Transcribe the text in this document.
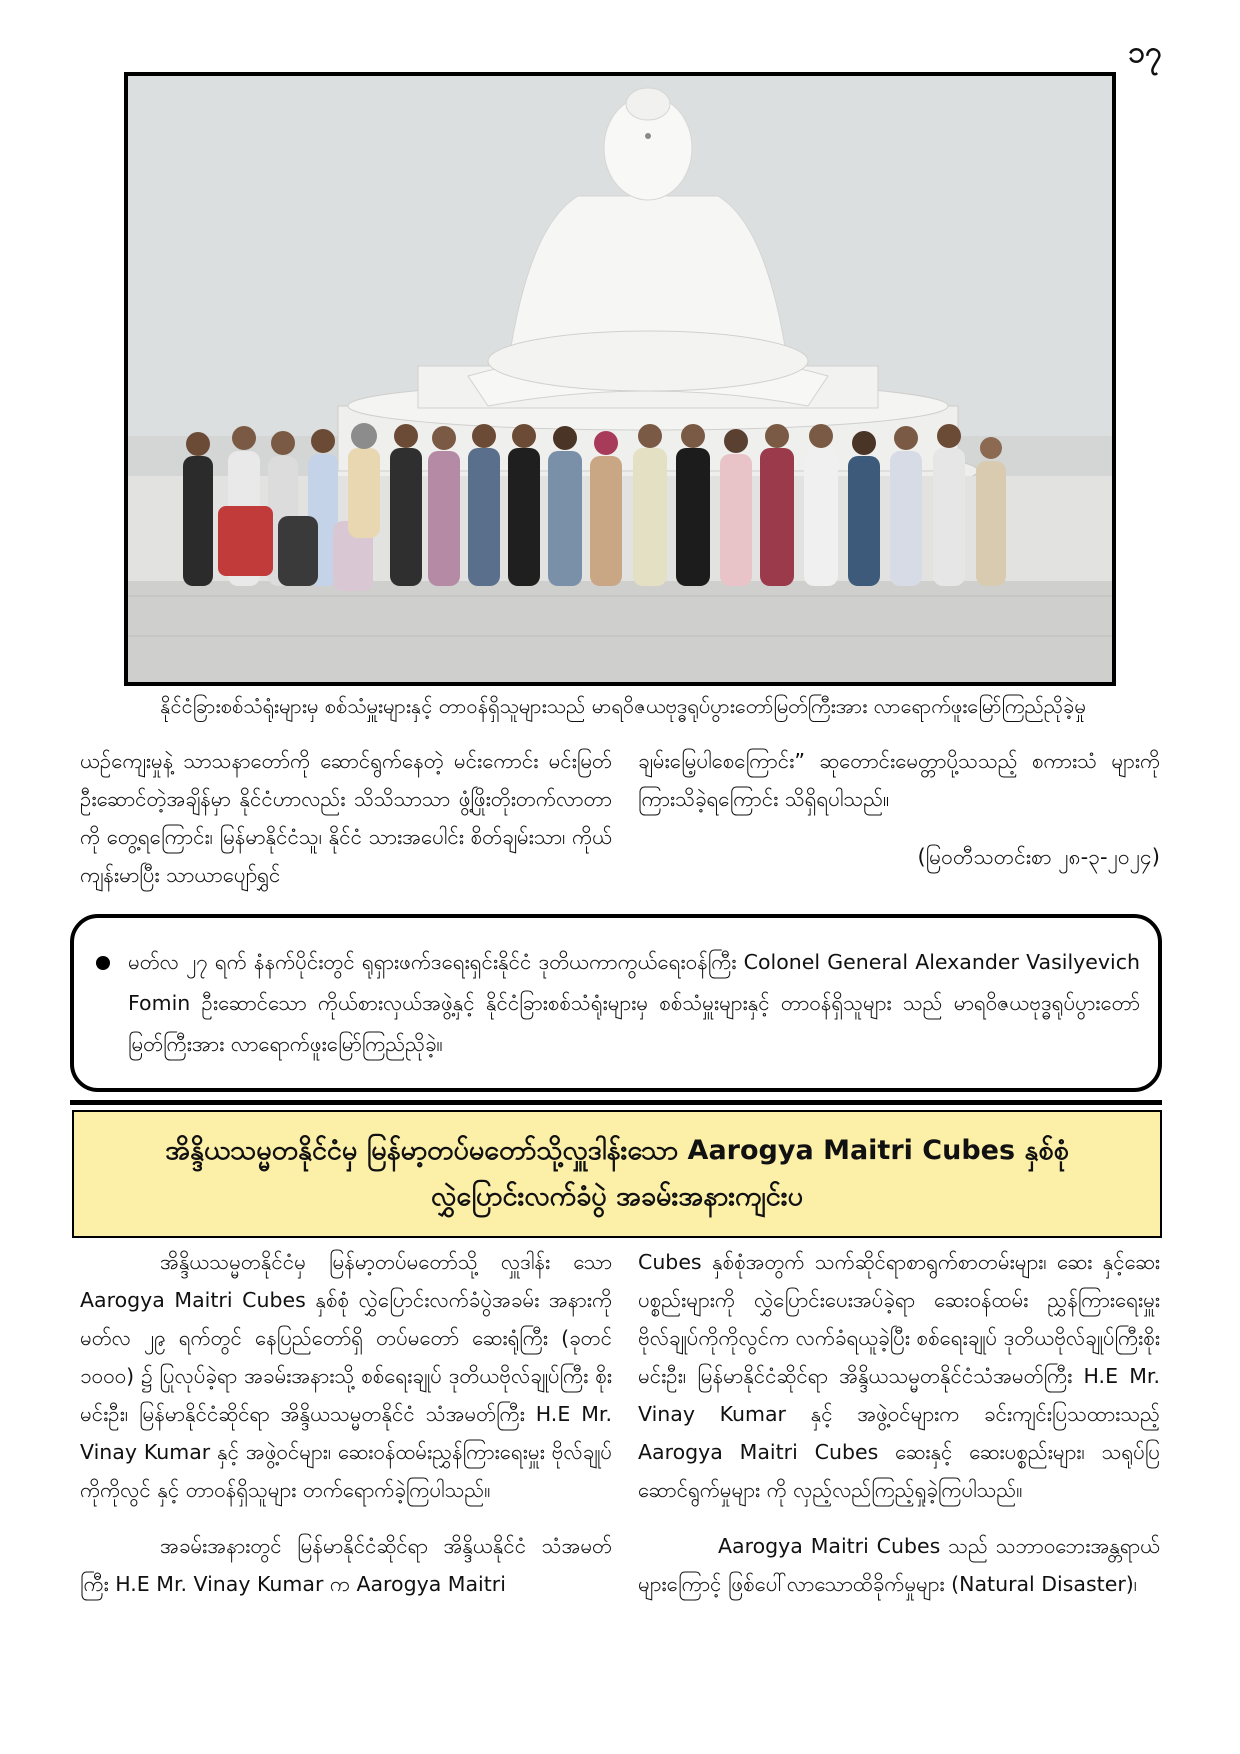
၁၇
နိုင်ငံခြားစစ်သံရုံးများမှ စစ်သံမှူးများနှင့် တာဝန်ရှိသူများသည် မာရဝိဇယဗုဒ္ဓရုပ်ပွားတော်မြတ်ကြီးအား လာရောက်ဖူးမြော်ကြည်ညိုခဲ့မှု

ယဉ်ကျေးမှုနဲ့ သာသနာတော်ကို ဆောင်ရွက်နေတဲ့ မင်းကောင်း မင်းမြတ်ဦးဆောင်တဲ့အချိန်မှာ နိုင်ငံဟာလည်း သိသိသာသာ ဖွံ့ဖြိုးတိုးတက်လာတာကို တွေ့ရကြောင်း၊ မြန်မာနိုင်ငံသူ၊ နိုင်ငံ သားအပေါင်း စိတ်ချမ်းသာ၊ ကိုယ်ကျန်းမာပြီး သာယာပျော်ရွှင်

ချမ်းမြေ့ပါစေကြောင်း” ဆုတောင်းမေတ္တာပို့သသည့် စကားသံ များကို ကြားသိခဲ့ရကြောင်း သိရှိရပါသည်။

(မြဝတီသတင်းစာ ၂၈-၃-၂၀၂၄)

မတ်လ ၂၇ ရက် နံနက်ပိုင်းတွင် ရုရှားဖက်ဒရေးရှင်းနိုင်ငံ ဒုတိယကာကွယ်ရေးဝန်ကြီး Colonel General Alexander Vasilyevich Fomin ဦးဆောင်သော ကိုယ်စားလှယ်အဖွဲ့နှင့် နိုင်ငံခြားစစ်သံရုံးများမှ စစ်သံမှူးများနှင့် တာဝန်ရှိသူများ သည် မာရဝိဇယဗုဒ္ဓရုပ်ပွားတော်မြတ်ကြီးအား လာရောက်ဖူးမြော်ကြည်ညိုခဲ့။

အိန္ဒိယသမ္မတနိုင်ငံမှ မြန်မာ့တပ်မတော်သို့လှူဒါန်းသော Aarogya Maitri Cubes နှစ်စုံ လွှဲပြောင်းလက်ခံပွဲ အခမ်းအနားကျင်းပ

အိန္ဒိယသမ္မတနိုင်ငံမှ မြန်မာ့တပ်မတော်သို့ လှူဒါန်း သော Aarogya Maitri Cubes နှစ်စုံ လွှဲပြောင်းလက်ခံပွဲအခမ်း အနားကို မတ်လ ၂၉ ရက်တွင် နေပြည်တော်ရှိ တပ်မတော် ဆေးရုံကြီး (ခုတင် ၁၀၀၀) ၌ ပြုလုပ်ခဲ့ရာ အခမ်းအနားသို့ စစ်ရေးချုပ် ဒုတိယဗိုလ်ချုပ်ကြီး စိုးမင်းဦး၊ မြန်မာနိုင်ငံဆိုင်ရာ အိန္ဒိယသမ္မတနိုင်ငံ သံအမတ်ကြီး H.E Mr. Vinay Kumar နှင့် အဖွဲ့ဝင်များ၊ ဆေးဝန်ထမ်းညွှန်ကြားရေးမှူး ဗိုလ်ချုပ်ကိုကိုလွင် နှင့် တာဝန်ရှိသူများ တက်ရောက်ခဲ့ကြပါသည်။

အခမ်းအနားတွင် မြန်မာနိုင်ငံဆိုင်ရာ အိန္ဒိယနိုင်ငံ သံအမတ်ကြီး H.E Mr. Vinay Kumar က Aarogya Maitri

Cubes နှစ်စုံအတွက် သက်ဆိုင်ရာစာရွက်စာတမ်းများ၊ ဆေး နှင့်ဆေးပစ္စည်းများကို လွှဲပြောင်းပေးအပ်ခဲ့ရာ ဆေးဝန်ထမ်း ညွှန်ကြားရေးမှူး ဗိုလ်ချုပ်ကိုကိုလွင်က လက်ခံရယူခဲ့ပြီး စစ်ရေးချုပ် ဒုတိယဗိုလ်ချုပ်ကြီးစိုးမင်းဦး၊ မြန်မာနိုင်ငံဆိုင်ရာ အိန္ဒိယသမ္မတနိုင်ငံသံအမတ်ကြီး H.E Mr. Vinay Kumar နှင့် အဖွဲ့ဝင်များက ခင်းကျင်းပြသထားသည့် Aarogya Maitri Cubes ဆေးနှင့် ဆေးပစ္စည်းများ၊ သရုပ်ပြဆောင်ရွက်မှုများ ကို လှည့်လည်ကြည့်ရှုခဲ့ကြပါသည်။

Aarogya Maitri Cubes သည် သဘာဝဘေးအန္တရာယ် များကြောင့် ဖြစ်ပေါ်လာသောထိခိုက်မှုများ (Natural Disaster)၊
